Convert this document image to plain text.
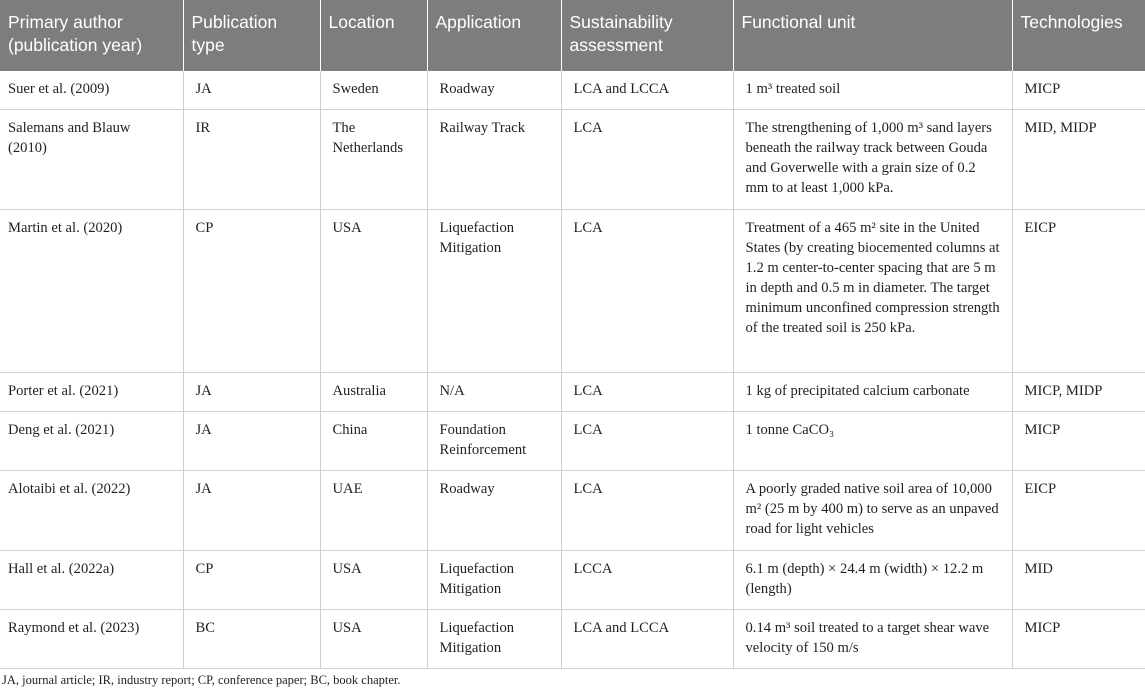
Primary author (publication year)	Publication type	Location	Application	Sustainability assessment	Functional unit	Technologies
Suer et al. (2009)	JA	Sweden	Roadway	LCA and LCCA	1 m³ treated soil	MICP
Salemans and Blauw (2010)	IR	The Netherlands	Railway Track	LCA	The strengthening of 1,000 m³ sand layers beneath the railway track between Gouda and Goverwelle with a grain size of 0.2 mm to at least 1,000 kPa.	MID, MIDP
Martin et al. (2020)	CP	USA	Liquefaction Mitigation	LCA	Treatment of a 465 m² site in the United States (by creating biocemented columns at 1.2 m center-to-center spacing that are 5 m in depth and 0.5 m in diameter. The target minimum unconfined compression strength of the treated soil is 250 kPa.	EICP
Porter et al. (2021)	JA	Australia	N/A	LCA	1 kg of precipitated calcium carbonate	MICP, MIDP
Deng et al. (2021)	JA	China	Foundation Reinforcement	LCA	1 tonne CaCO₃	MICP
Alotaibi et al. (2022)	JA	UAE	Roadway	LCA	A poorly graded native soil area of 10,000 m² (25 m by 400 m) to serve as an unpaved road for light vehicles	EICP
Hall et al. (2022a)	CP	USA	Liquefaction Mitigation	LCCA	6.1 m (depth) × 24.4 m (width) × 12.2 m (length)	MID
Raymond et al. (2023)	BC	USA	Liquefaction Mitigation	LCA and LCCA	0.14 m³ soil treated to a target shear wave velocity of 150 m/s	MICP
JA, journal article; IR, industry report; CP, conference paper; BC, book chapter.
